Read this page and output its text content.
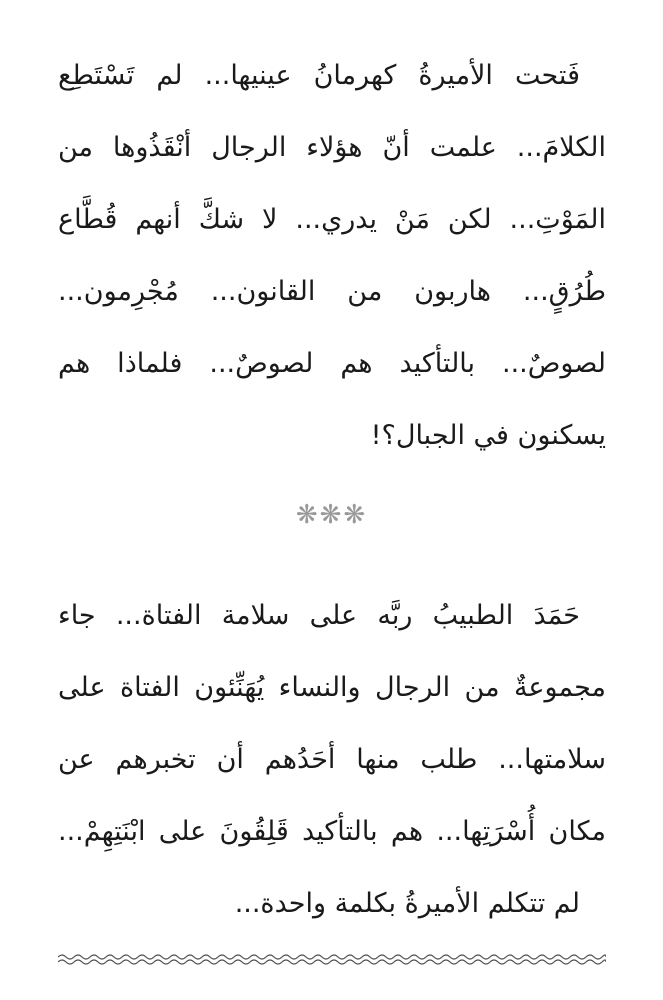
فَتحت الأميرةُ كهرمانُ عينيها... لم تَسْتَطِع
الكلامَ... علمت أنّ هؤلاء الرجال أنْقَذُوها من
المَوْتِ... لكن مَنْ يدري... لا شكَّ أنهم قُطَّاع
طُرُقٍ... هاربون من القانون... مُجْرِمون...
لصوصٌ... بالتأكيد هم لصوصٌ... فلماذا هم
يسكنون في الجبال؟!
❋❋❋
حَمَدَ الطبيبُ ربَّه على سلامة الفتاة... جاء
مجموعةٌ من الرجال والنساء يُهَنِّئون الفتاة على
سلامتها... طلب منها أحَدُهم أن تخبرهم عن
مكان أُسْرَتِها... هم بالتأكيد قَلِقُونَ على ابْنَتِهِمْ...
لم تتكلم الأميرةُ بكلمة واحدة...
